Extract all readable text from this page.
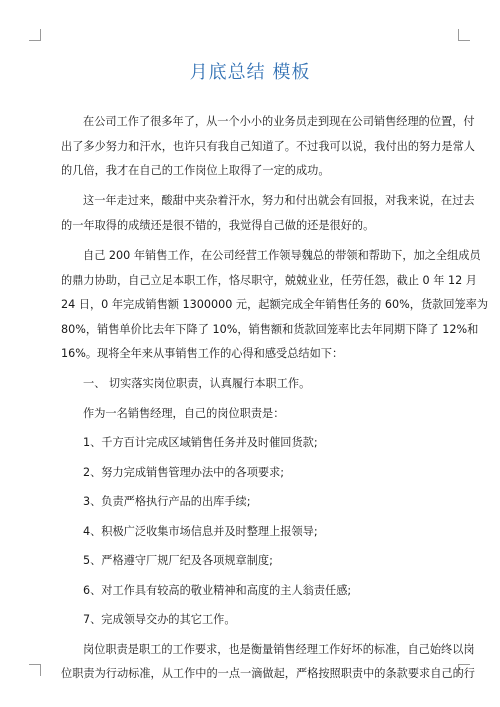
月底总结 模板
在公司工作了很多年了，从一个小小的业务员走到现在公司销售经理的位置，付
出了多少努力和汗水，也许只有我自己知道了。不过我可以说，我付出的努力是常人
的几倍，我才在自己的工作岗位上取得了一定的成功。
这一年走过来，酸甜中夹杂着汗水，努力和付出就会有回报，对我来说，在过去
的一年取得的成绩还是很不错的，我觉得自己做的还是很好的。
自己 200 年销售工作，在公司经营工作领导魏总的带领和帮助下，加之全组成员
的鼎力协助，自己立足本职工作，恪尽职守，兢兢业业，任劳任怨，截止 0 年 12 月
24 日，0 年完成销售额 1300000 元，起额完成全年销售任务的 60%，货款回笼率为
80%，销售单价比去年下降了 10%，销售额和货款回笼率比去年同期下降了 12%和
16%。现将全年来从事销售工作的心得和感受总结如下：
一、 切实落实岗位职责，认真履行本职工作。
作为一名销售经理，自己的岗位职责是：
1、千方百计完成区域销售任务并及时催回货款;
2、努力完成销售管理办法中的各项要求;
3、负责严格执行产品的出库手续;
4、积极广泛收集市场信息并及时整理上报领导;
5、严格遵守厂规厂纪及各项规章制度;
6、对工作具有较高的敬业精神和高度的主人翁责任感;
7、完成领导交办的其它工作。
岗位职责是职工的工作要求，也是衡量销售经理工作好坏的标准，自己始终以岗
位职责为行动标准，从工作中的一点一滴做起，严格按照职责中的条款要求自己的行
